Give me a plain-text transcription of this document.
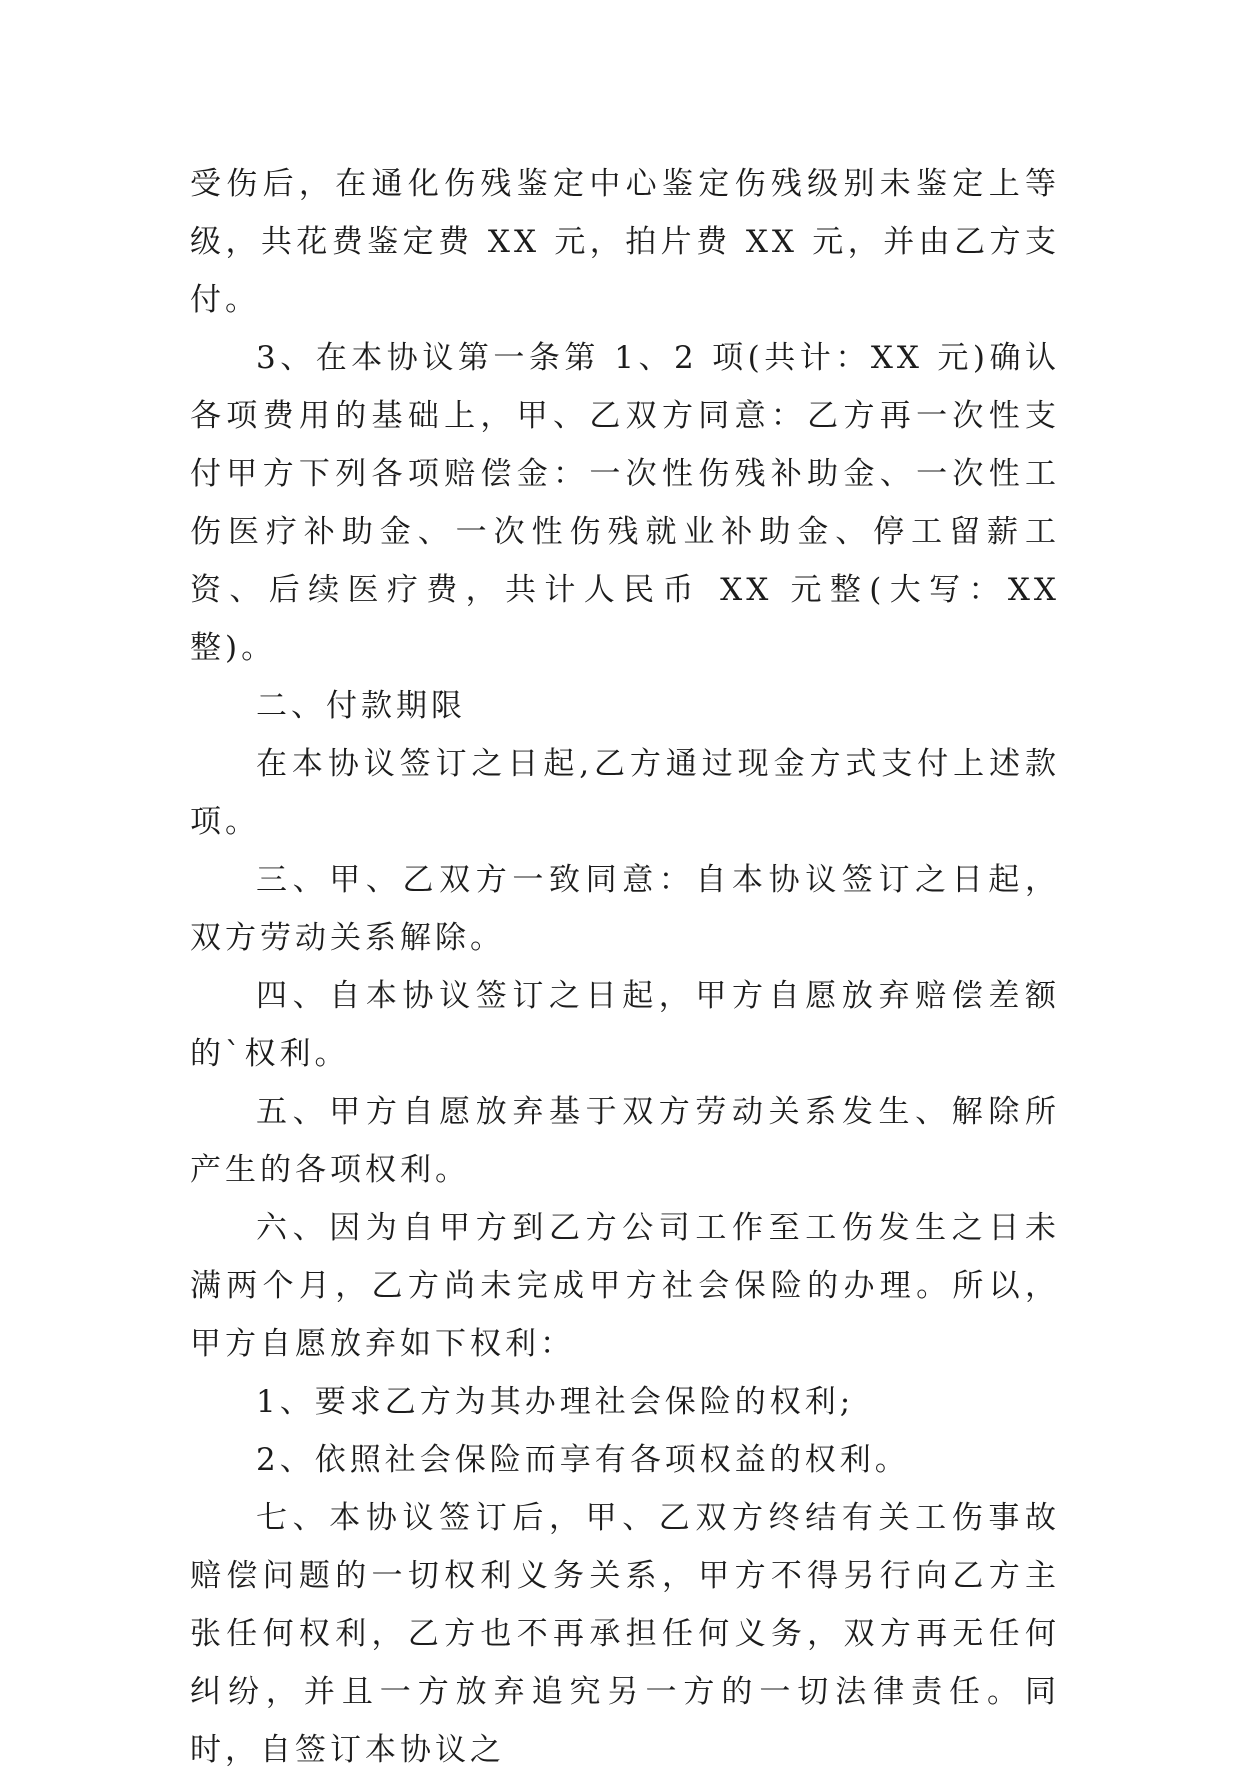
受伤后，在通化伤残鉴定中心鉴定伤残级别未鉴定上等级，共花费鉴定费 XX 元，拍片费 XX 元，并由乙方支付。

3、在本协议第一条第 1、2 项(共计：XX 元)确认各项费用的基础上，甲、乙双方同意：乙方再一次性支付甲方下列各项赔偿金：一次性伤残补助金、一次性工伤医疗补助金、一次性伤残就业补助金、停工留薪工资、后续医疗费，共计人民币 XX 元整(大写：XX 整)。

二、付款期限

在本协议签订之日起,乙方通过现金方式支付上述款项。

三、甲、乙双方一致同意：自本协议签订之日起，双方劳动关系解除。

四、自本协议签订之日起，甲方自愿放弃赔偿差额的`权利。

五、甲方自愿放弃基于双方劳动关系发生、解除所产生的各项权利。

六、因为自甲方到乙方公司工作至工伤发生之日未满两个月，乙方尚未完成甲方社会保险的办理。所以，甲方自愿放弃如下权利：

1、要求乙方为其办理社会保险的权利;

2、依照社会保险而享有各项权益的权利。

七、本协议签订后，甲、乙双方终结有关工伤事故赔偿问题的一切权利义务关系，甲方不得另行向乙方主张任何权利，乙方也不再承担任何义务，双方再无任何纠纷，并且一方放弃追究另一方的一切法律责任。同时，自签订本协议之
